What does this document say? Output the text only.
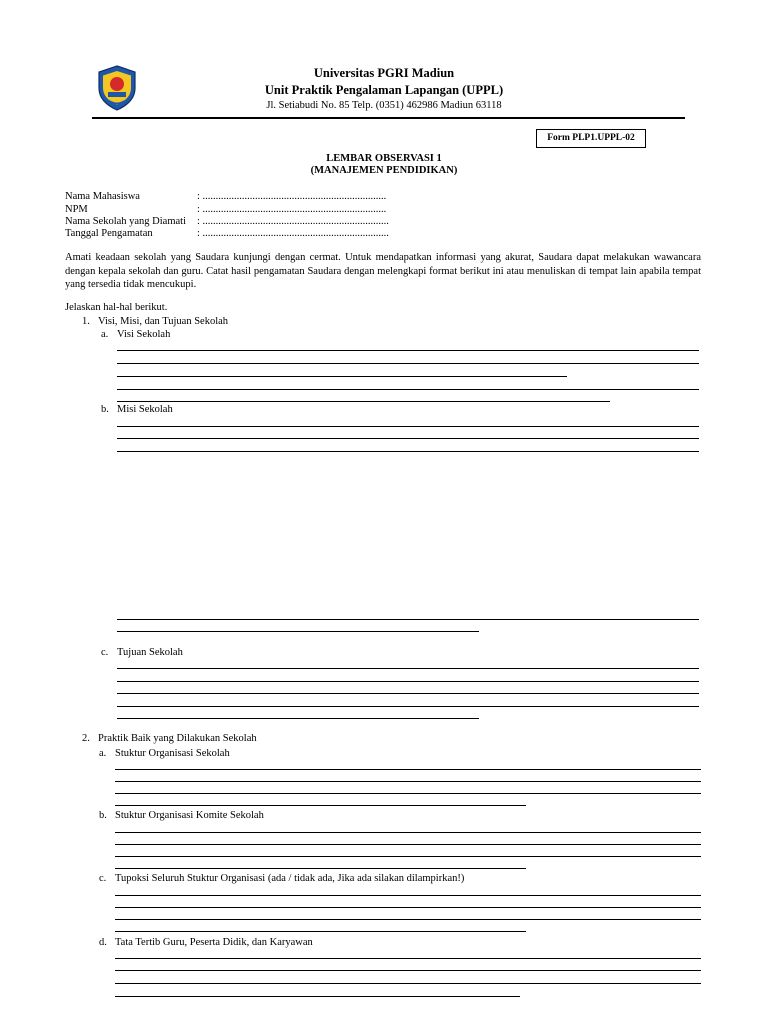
Universitas PGRI Madiun
Unit Praktik Pengalaman Lapangan (UPPL)
Jl. Setiabudi No. 85 Telp. (0351) 462986 Madiun 63118
Form PLP1.UPPL-02
LEMBAR OBSERVASI 1
(MANAJEMEN PENDIDIKAN)
Nama Mahasiswa	: ......................................................................
NPM	: ......................................................................
Nama Sekolah yang Diamati : .......................................................................
Tanggal Pengamatan	: .......................................................................

Amati keadaan sekolah yang Saudara kunjungi dengan cermat. Untuk mendapatkan informasi yang akurat, Saudara dapat melakukan wawancara dengan kepala sekolah dan guru. Catat hasil pengamatan Saudara dengan melengkapi format berikut ini atau menuliskan di tempat lain apabila tempat yang tersedia tidak mencukupi.

Jelaskan hal-hal berikut.
1. Visi, Misi, dan Tujuan Sekolah
a. Visi Sekolah
b. Misi Sekolah
c. Tujuan Sekolah
2. Praktik Baik yang Dilakukan Sekolah
a. Stuktur Organisasi Sekolah
b. Stuktur Organisasi Komite Sekolah
c. Tupoksi Seluruh Stuktur Organisasi (ada / tidak ada, Jika ada silakan dilampirkan!)
d. Tata Tertib Guru, Peserta Didik, dan Karyawan
